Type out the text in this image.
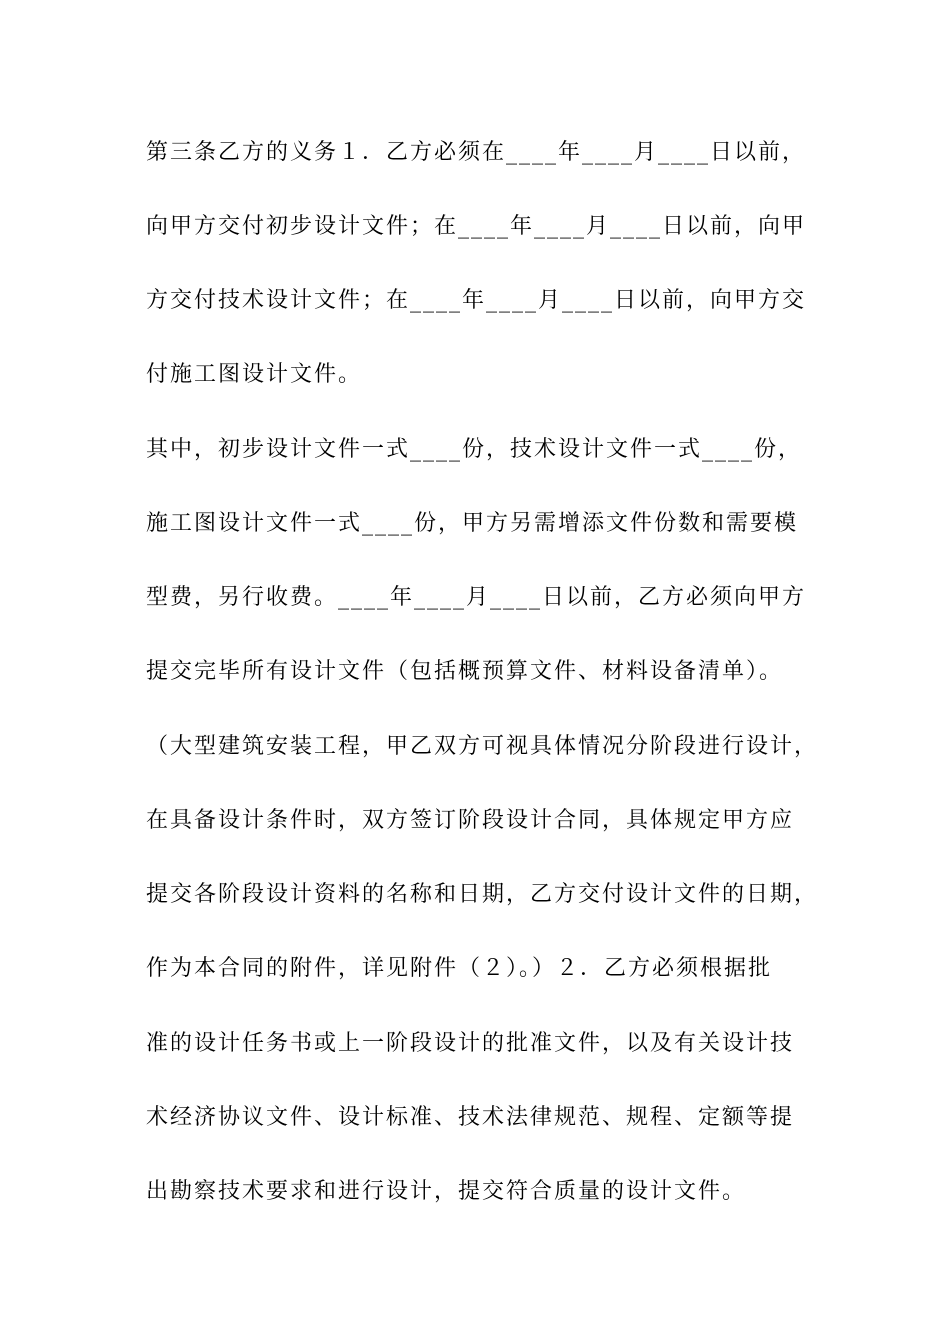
第三条乙方的义务１．乙方必须在____年____月____日以前，
向甲方交付初步设计文件；在____年____月____日以前，向甲
方交付技术设计文件；在____年____月____日以前，向甲方交
付施工图设计文件。
其中，初步设计文件一式____份，技术设计文件一式____份，
施工图设计文件一式____份，甲方另需增添文件份数和需要模
型费，另行收费。____年____月____日以前，乙方必须向甲方
提交完毕所有设计文件（包括概预算文件、材料设备清单）。
（大型建筑安装工程，甲乙双方可视具体情况分阶段进行设计，
在具备设计条件时，双方签订阶段设计合同，具体规定甲方应
提交各阶段设计资料的名称和日期，乙方交付设计文件的日期，
作为本合同的附件，详见附件（２）。）２．乙方必须根据批
准的设计任务书或上一阶段设计的批准文件，以及有关设计技
术经济协议文件、设计标准、技术法律规范、规程、定额等提
出勘察技术要求和进行设计，提交符合质量的设计文件。
